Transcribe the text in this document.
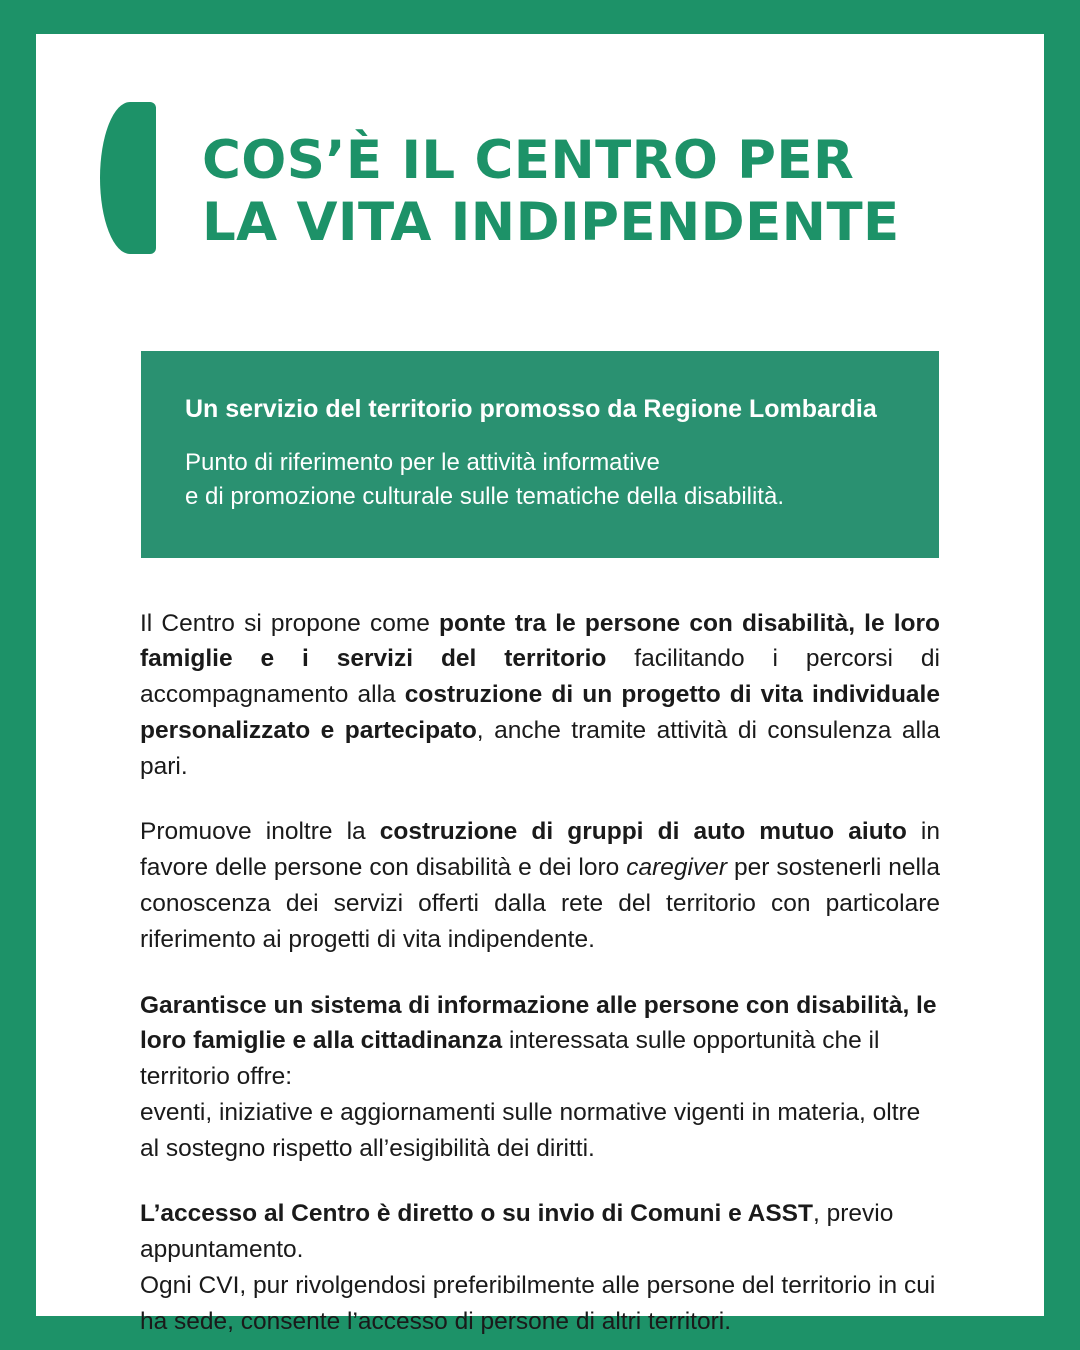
COS’È IL CENTRO PER
LA VITA INDIPENDENTE
Un servizio del territorio promosso da Regione Lombardia
Punto di riferimento per le attività informative
e di promozione culturale sulle tematiche della disabilità.

Il Centro si propone come ponte tra le persone con disabilità, le loro famiglie e i servizi del territorio facilitando i percorsi di accompagnamento alla costruzione di un progetto di vita individuale personalizzato e partecipato, anche tramite attività di consulenza alla pari.

Promuove inoltre la costruzione di gruppi di auto mutuo aiuto in favore delle persone con disabilità e dei loro caregiver per sostenerli nella conoscenza dei servizi offerti dalla rete del territorio con particolare riferimento ai progetti di vita indipendente.

Garantisce un sistema di informazione alle persone con disabilità, le loro famiglie e alla cittadinanza interessata sulle opportunità che il territorio offre:
eventi, iniziative e aggiornamenti sulle normative vigenti in materia, oltre al sostegno rispetto all’esigibilità dei diritti.

L’accesso al Centro è diretto o su invio di Comuni e ASST, previo appuntamento.
Ogni CVI, pur rivolgendosi preferibilmente alle persone del territorio in cui ha sede, consente l’accesso di persone di altri territori.
